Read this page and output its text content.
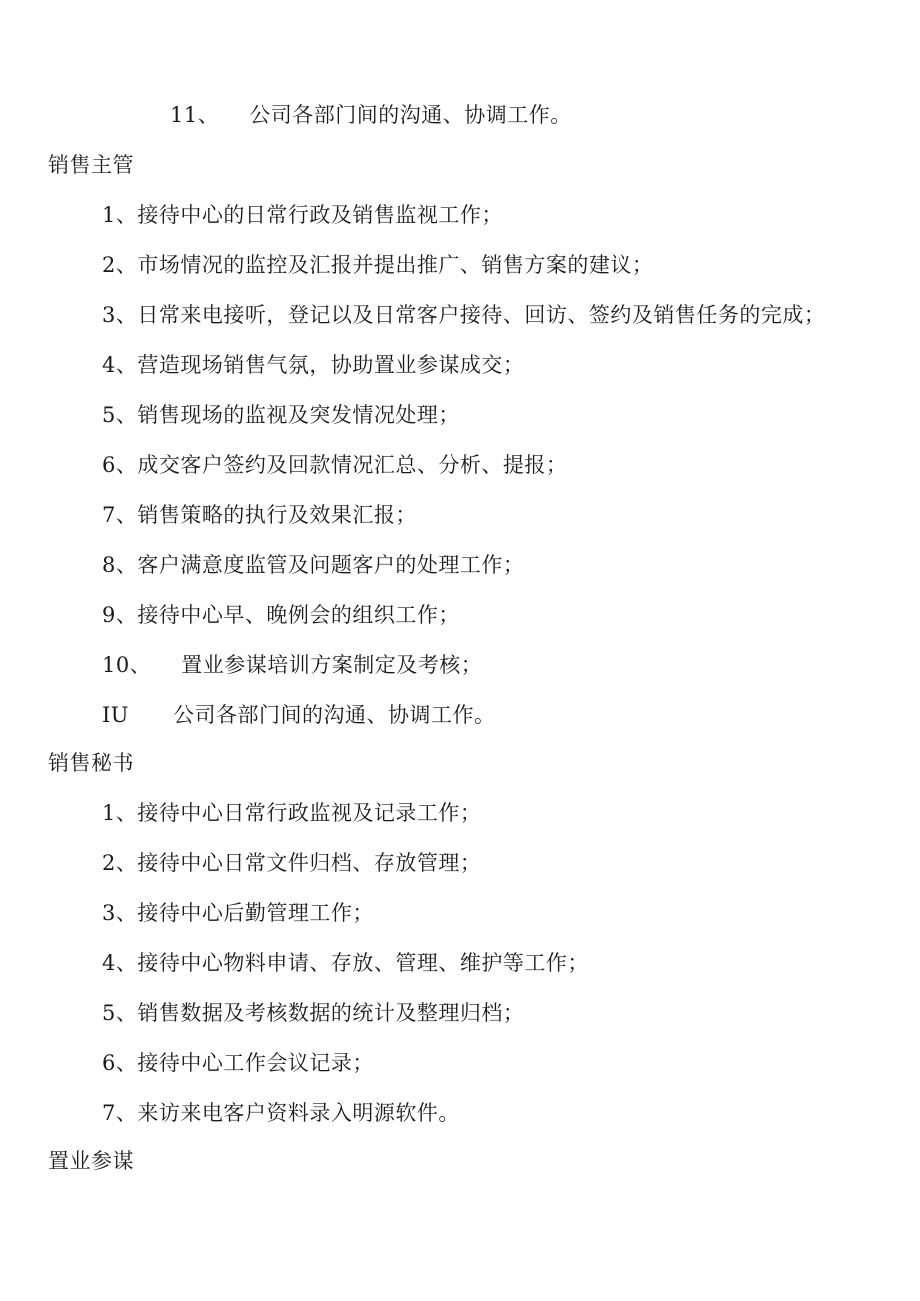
11、 公司各部门间的沟通、协调工作。
销售主管
1、接待中心的日常行政及销售监视工作；
2、市场情况的监控及汇报并提出推广、销售方案的建议；
3、日常来电接听，登记以及日常客户接待、回访、签约及销售任务的完成；
4、营造现场销售气氛，协助置业参谋成交；
5、销售现场的监视及突发情况处理；
6、成交客户签约及回款情况汇总、分析、提报；
7、销售策略的执行及效果汇报；
8、客户满意度监管及问题客户的处理工作；
9、接待中心早、晚例会的组织工作；
10、 置业参谋培训方案制定及考核；
IU 公司各部门间的沟通、协调工作。
销售秘书
1、接待中心日常行政监视及记录工作；
2、接待中心日常文件归档、存放管理；
3、接待中心后勤管理工作；
4、接待中心物料申请、存放、管理、维护等工作；
5、销售数据及考核数据的统计及整理归档；
6、接待中心工作会议记录；
7、来访来电客户资料录入明源软件。
置业参谋
